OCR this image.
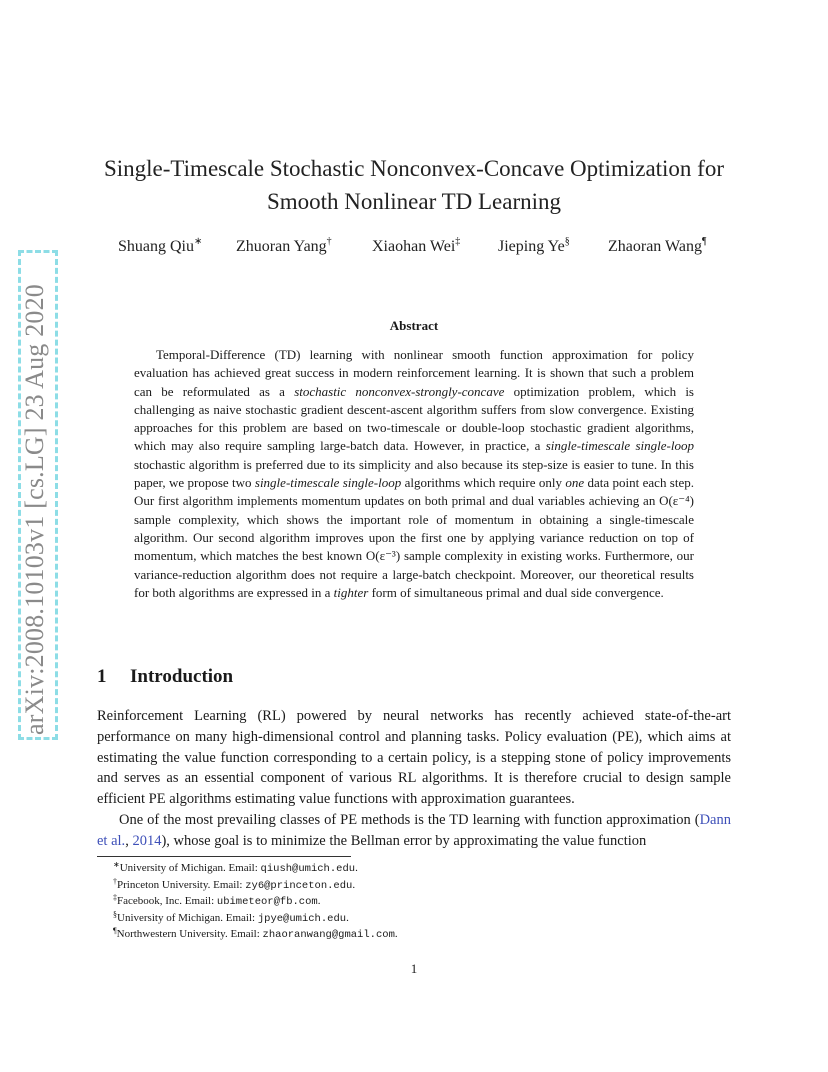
arXiv:2008.10103v1 [cs.LG] 23 Aug 2020
Single-Timescale Stochastic Nonconvex-Concave Optimization for
Smooth Nonlinear TD Learning
Shuang Qiu∗ Zhuoran Yang†	Xiaohan Wei‡ Jieping Ye§ Zhaoran Wang¶
Abstract

Temporal-Difference (TD) learning with nonlinear smooth function approximation for policy evaluation has achieved great success in modern reinforcement learning. It is shown that such a problem can be reformulated as a stochastic nonconvex-strongly-concave optimization problem, which is challenging as naive stochastic gradient descent-ascent algorithm suffers from slow convergence. Existing approaches for this problem are based on two-timescale or double-loop stochastic gradient algorithms, which may also require sampling large-batch data. However, in practice, a single-timescale single-loop stochastic algorithm is preferred due to its simplicity and also because its step-size is easier to tune. In this paper, we propose two single-timescale single-loop algorithms which require only one data point each step. Our first algorithm implements momentum updates on both primal and dual variables achieving an O(ε⁻⁴) sample complexity, which shows the important role of momentum in obtaining a single-timescale algorithm. Our second algorithm improves upon the first one by applying variance reduction on top of momentum, which matches the best known O(ε⁻³) sample complexity in existing works. Furthermore, our variance-reduction algorithm does not require a large-batch checkpoint. Moreover, our theoretical results for both algorithms are expressed in a tighter form of simultaneous primal and dual side convergence.

1 Introduction

Reinforcement Learning (RL) powered by neural networks has recently achieved state-of-the-art performance on many high-dimensional control and planning tasks. Policy evaluation (PE), which aims at estimating the value function corresponding to a certain policy, is a stepping stone of policy improvements and serves as an essential component of various RL algorithms. It is therefore crucial to design sample efficient PE algorithms estimating value functions with approximation guarantees.

One of the most prevailing classes of PE methods is the TD learning with function approximation (Dann et al., 2014), whose goal is to minimize the Bellman error by approximating the value function

∗University of Michigan. Email: qiush@umich.edu.
†Princeton University. Email: zy6@princeton.edu.
‡Facebook, Inc. Email: ubimeteor@fb.com.
§University of Michigan. Email: jpye@umich.edu.
¶Northwestern University. Email: zhaoranwang@gmail.com.
1
